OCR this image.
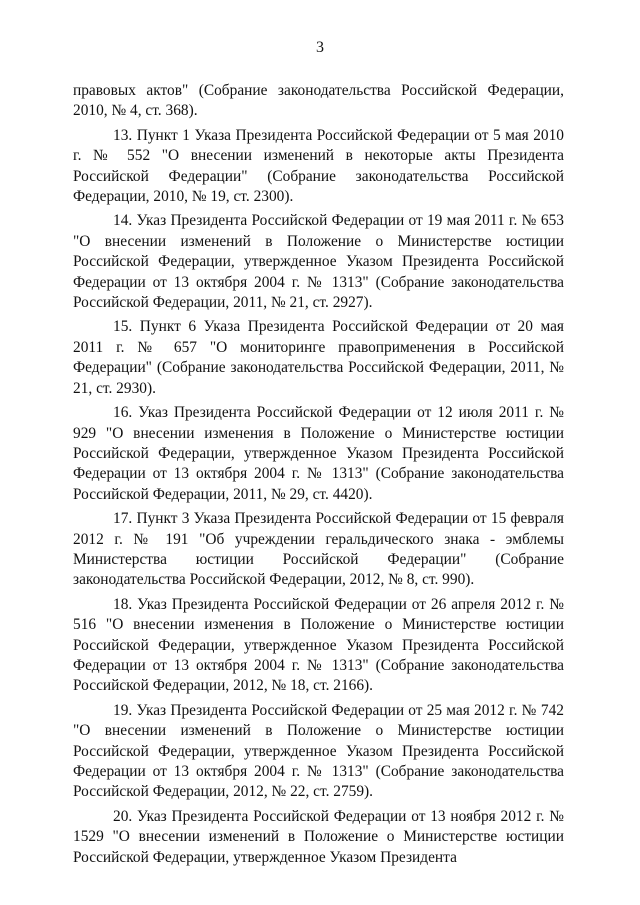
3

правовых актов" (Собрание законодательства Российской Федерации, 2010, № 4, ст. 368).

13. Пункт 1 Указа Президента Российской Федерации от 5 мая 2010 г. № 552 "О внесении изменений в некоторые акты Президента Российской Федерации" (Собрание законодательства Российской Федерации, 2010, № 19, ст. 2300).

14. Указ Президента Российской Федерации от 19 мая 2011 г. № 653 "О внесении изменений в Положение о Министерстве юстиции Российской Федерации, утвержденное Указом Президента Российской Федерации от 13 октября 2004 г. № 1313" (Собрание законодательства Российской Федерации, 2011, № 21, ст. 2927).

15. Пункт 6 Указа Президента Российской Федерации от 20 мая 2011 г. № 657 "О мониторинге правоприменения в Российской Федерации" (Собрание законодательства Российской Федерации, 2011, № 21, ст. 2930).

16. Указ Президента Российской Федерации от 12 июля 2011 г. № 929 "О внесении изменения в Положение о Министерстве юстиции Российской Федерации, утвержденное Указом Президента Российской Федерации от 13 октября 2004 г. № 1313" (Собрание законодательства Российской Федерации, 2011, № 29, ст. 4420).

17. Пункт 3 Указа Президента Российской Федерации от 15 февраля 2012 г. № 191 "Об учреждении геральдического знака - эмблемы Министерства юстиции Российской Федерации" (Собрание законодательства Российской Федерации, 2012, № 8, ст. 990).

18. Указ Президента Российской Федерации от 26 апреля 2012 г. № 516 "О внесении изменения в Положение о Министерстве юстиции Российской Федерации, утвержденное Указом Президента Российской Федерации от 13 октября 2004 г. № 1313" (Собрание законодательства Российской Федерации, 2012, № 18, ст. 2166).

19. Указ Президента Российской Федерации от 25 мая 2012 г. № 742 "О внесении изменений в Положение о Министерстве юстиции Российской Федерации, утвержденное Указом Президента Российской Федерации от 13 октября 2004 г. № 1313" (Собрание законодательства Российской Федерации, 2012, № 22, ст. 2759).

20. Указ Президента Российской Федерации от 13 ноября 2012 г. № 1529 "О внесении изменений в Положение о Министерстве юстиции Российской Федерации, утвержденное Указом Президента
